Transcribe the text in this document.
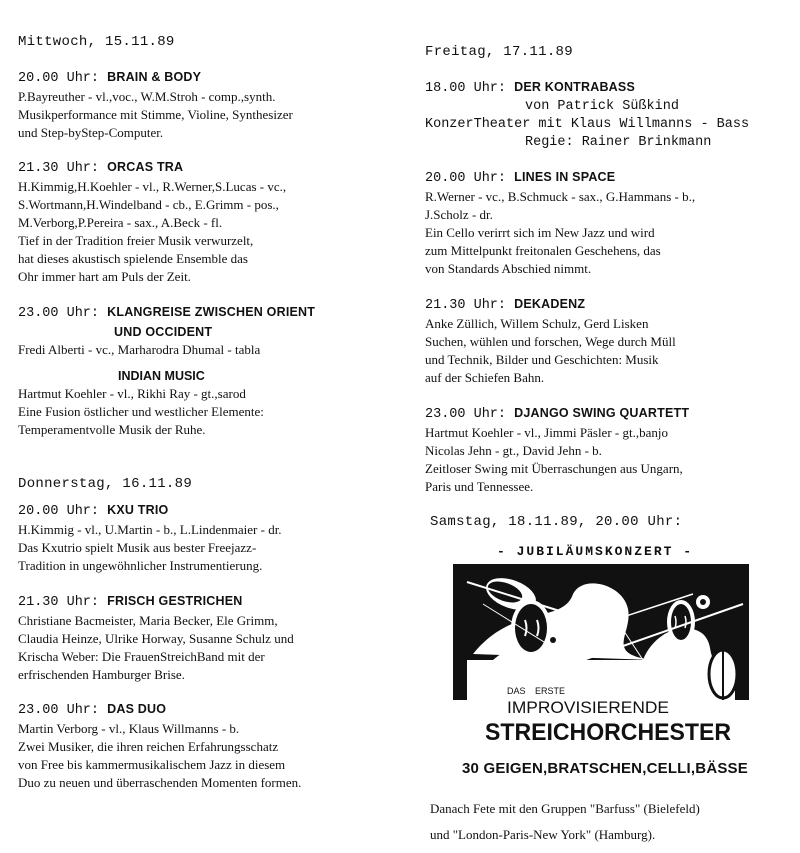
Mittwoch, 15.11.89
20.00 Uhr: BRAIN & BODY
P.Bayreuther - vl.,voc., W.M.Stroh - comp.,synth.
Musikperformance mit Stimme, Violine, Synthesizer
und Step-byStep-Computer.
21.30 Uhr: ORCAS TRA
H.Kimmig,H.Koehler - vl., R.Werner,S.Lucas - vc.,
S.Wortmann,H.Windelband - cb., E.Grimm - pos.,
M.Verborg,P.Pereira - sax., A.Beck - fl.
Tief in der Tradition freier Musik verwurzelt,
hat dieses akustisch spielende Ensemble das
Ohr immer hart am Puls der Zeit.
23.00 Uhr: KLANGREISE ZWISCHEN ORIENT
UND OCCIDENT
Fredi Alberti - vc., Marharodra Dhumal - tabla
INDIAN MUSIC
Hartmut Koehler - vl., Rikhi Ray - gt.,sarod
Eine Fusion östlicher und westlicher Elemente:
Temperamentvolle Musik der Ruhe.
Donnerstag, 16.11.89
20.00 Uhr: KXU TRIO
H.Kimmig - vl., U.Martin - b., L.Lindenmaier - dr.
Das Kxutrio spielt Musik aus bester Freejazz-
Tradition in ungewöhnlicher Instrumentierung.
21.30 Uhr: FRISCH GESTRICHEN
Christiane Bacmeister, Maria Becker, Ele Grimm,
Claudia Heinze, Ulrike Horway, Susanne Schulz und
Krischa Weber: Die FrauenStreichBand mit der
erfrischenden Hamburger Brise.
23.00 Uhr: DAS DUO
Martin Verborg - vl., Klaus Willmanns - b.
Zwei Musiker, die ihren reichen Erfahrungsschatz
von Free bis kammermusikalischem Jazz in diesem
Duo zu neuen und überraschenden Momenten formen.
Freitag, 17.11.89
18.00 Uhr: DER KONTRABASS
von Patrick Süßkind
KonzerTheater mit Klaus Willmanns - Bass
Regie: Rainer Brinkmann
20.00 Uhr: LINES IN SPACE
R.Werner - vc., B.Schmuck - sax., G.Hammans - b.,
J.Scholz - dr.
Ein Cello verirrt sich im New Jazz und wird
zum Mittelpunkt freitonalen Geschehens, das
von Standards Abschied nimmt.
21.30 Uhr: DEKADENZ
Anke Züllich, Willem Schulz, Gerd Lisken
Suchen, wühlen und forschen, Wege durch Müll
und Technik, Bilder und Geschichten: Musik
auf der Schiefen Bahn.
23.00 Uhr: DJANGO SWING QUARTETT
Hartmut Koehler - vl., Jimmi Päsler - gt.,banjo
Nicolas Jehn - gt., David Jehn - b.
Zeitloser Swing mit Überraschungen aus Ungarn,
Paris und Tennessee.
Samstag, 18.11.89, 20.00 Uhr:
- JUBILÄUMSKONZERT -
DAS ERSTE
IMPROVISIERENDE
STREICHORCHESTER
30 GEIGEN,BRATSCHEN,CELLI,BÄSSE
Danach Fete mit den Gruppen "Barfuss" (Bielefeld)
und "London-Paris-New York" (Hamburg).
